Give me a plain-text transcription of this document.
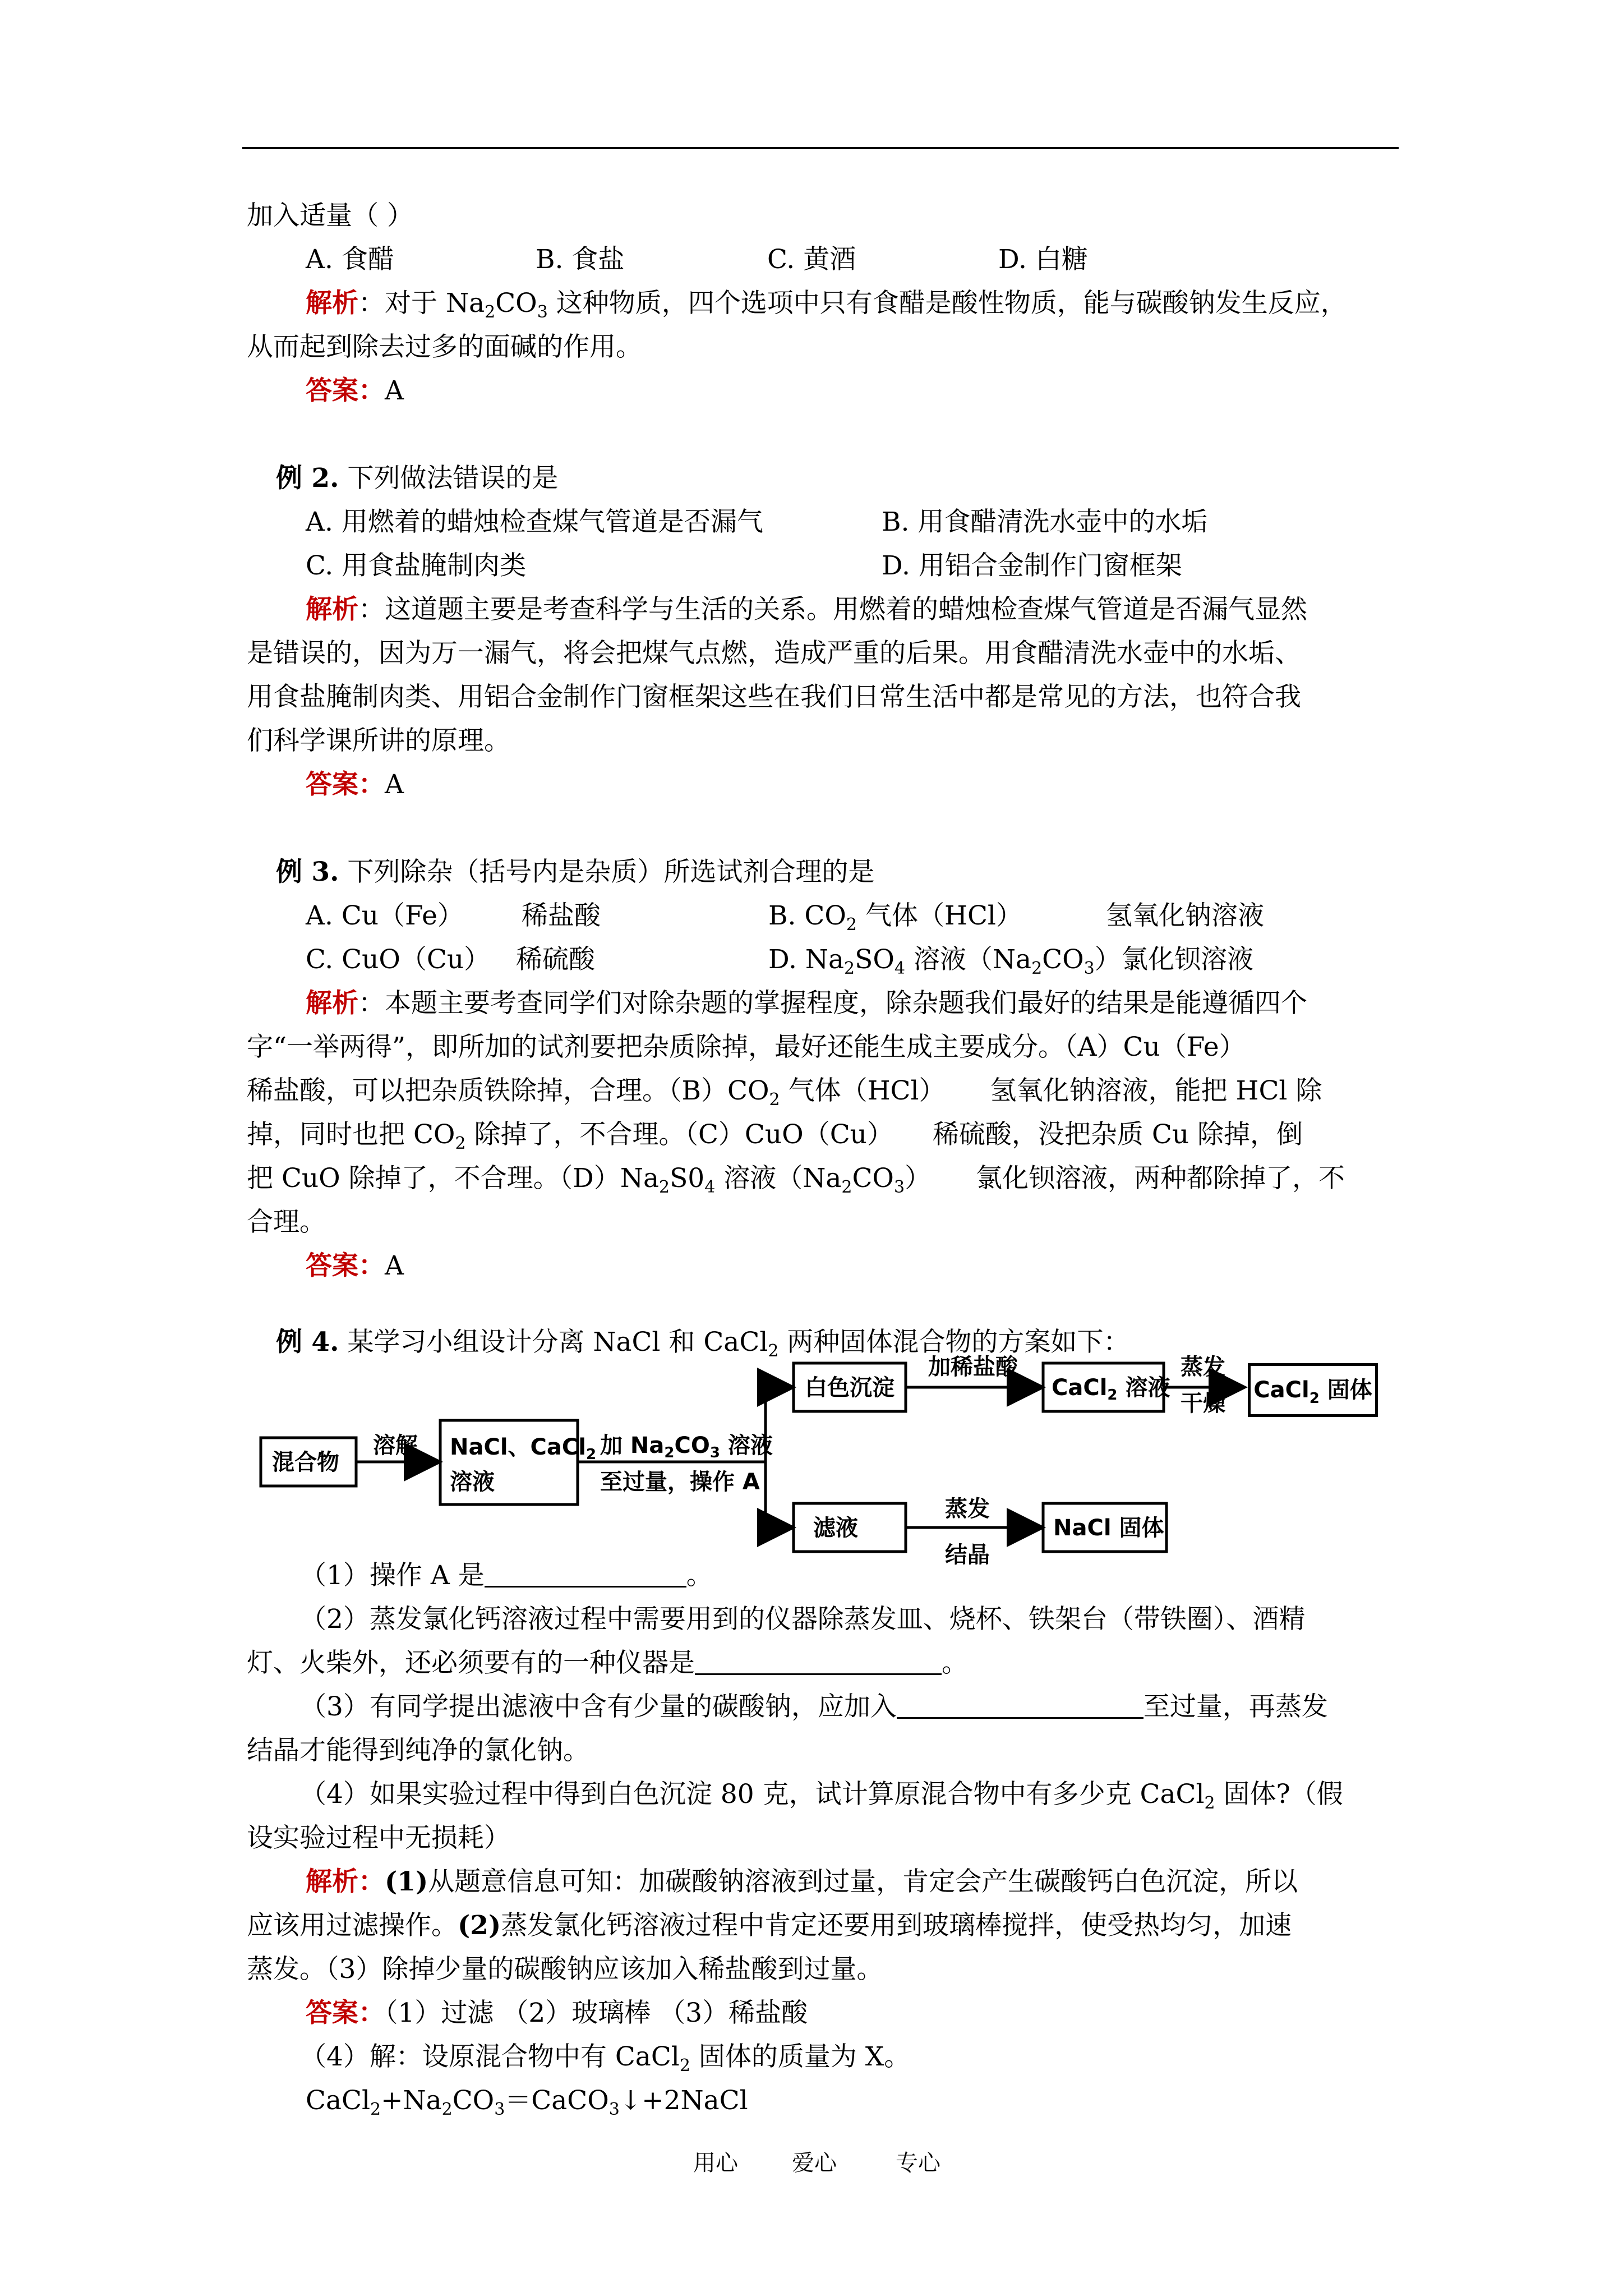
加入适量（ ）
A. 食醋	B. 食盐	C. 黄酒	D. 白糖
解析：对于 $Na_2CO_3$ 这种物质，四个选项中只有食醋是酸性物质，能与碳酸钠发生反应，
从而起到除去过多的面碱的作用。
答案：A
例 2. 下列做法错误的是
A. 用燃着的蜡烛检查煤气管道是否漏气	B. 用食醋清洗水壶中的水垢
C. 用食盐腌制肉类	D. 用铝合金制作门窗框架
解析：这道题主要是考查科学与生活的关系。用燃着的蜡烛检查煤气管道是否漏气显然
是错误的，因为万一漏气，将会把煤气点燃，造成严重的后果。用食醋清洗水壶中的水垢、
用食盐腌制肉类、用铝合金制作门窗框架这些在我们日常生活中都是常见的方法，也符合我
们科学课所讲的原理。
答案：A
例 3. 下列除杂（括号内是杂质）所选试剂合理的是
A. Cu（Fe） 稀盐酸	B. $CO_2$ 气体（HCl）	氢氧化钠溶液
C. CuO（Cu） 稀硫酸	D. $Na_2SO_4$ 溶液$(Na_2CO_3)$ 氯化钡溶液
解析：本题主要考查同学们对除杂题的掌握程度，除杂题我们最好的结果是能遵循四个
字“一举两得”，即所加的试剂要把杂质除掉，最好还能生成主要成分。（A）Cu（Fe）
稀盐酸，可以把杂质铁除掉，合理。$(B)CO_2$ 气体（HCl） 氢氧化钠溶液，能把 HCl 除
掉，同时也把 $CO_2$ 除掉了，不合理。（C）CuO（Cu） 稀硫酸，没把杂质 Cu 除掉，倒
把 CuO 除掉了，不合理。$(D)Na_2S0_4$ 溶液$(Na_2CO_3)$ 氯化钡溶液，两种都除掉了，不
合理。
答案：A
例 4. 某学习小组设计分离 NaCl 和 CaCl$_2$ 两种固体混合物的方案如下：
混合物
溶解 NaCl、CaCl$_2$
溶液
加 $Na_2CO_3$ 溶液
至过量，操作 A
白色沉淀
加稀盐酸
CaCl$_2$ 溶液
蒸发
干燥
滤液
蒸发
结晶
NaCl 固体
CaCl$_2$ 固体
（1）操作 A 是	。
（2）蒸发氯化钙溶液过程中需要用到的仪器除蒸发皿、烧杯、铁架台（带铁圈）、酒精
灯、火柴外，还必须要有的一种仪器是	。
（3）有同学提出滤液中含有少量的碳酸钠，应加入	至过量，再蒸发
结晶才能得到纯净的氯化钠。
（4）如果实验过程中得到白色沉淀 80 克，试计算原混合物中有多少克 CaCl$_2$ 固体?（假
设实验过程中无损耗）
解析：(1)从题意信息可知：加碳酸钠溶液到过量，肯定会产生碳酸钙白色沉淀，所以
应该用过滤操作。(2)蒸发氯化钙溶液过程中肯定还要用到玻璃棒搅拌，使受热均匀，加速
蒸发。（3）除掉少量的碳酸钠应该加入稀盐酸到过量。
答案：（1）过滤 （2）玻璃棒 （3）稀盐酸
（4）解：设原混合物中有 CaCl$_2$ 固体的质量为 X。
$CaCl_2+Na_2CO_3=CaCO_3↓+2NaCl$
用心 爱心	专心
